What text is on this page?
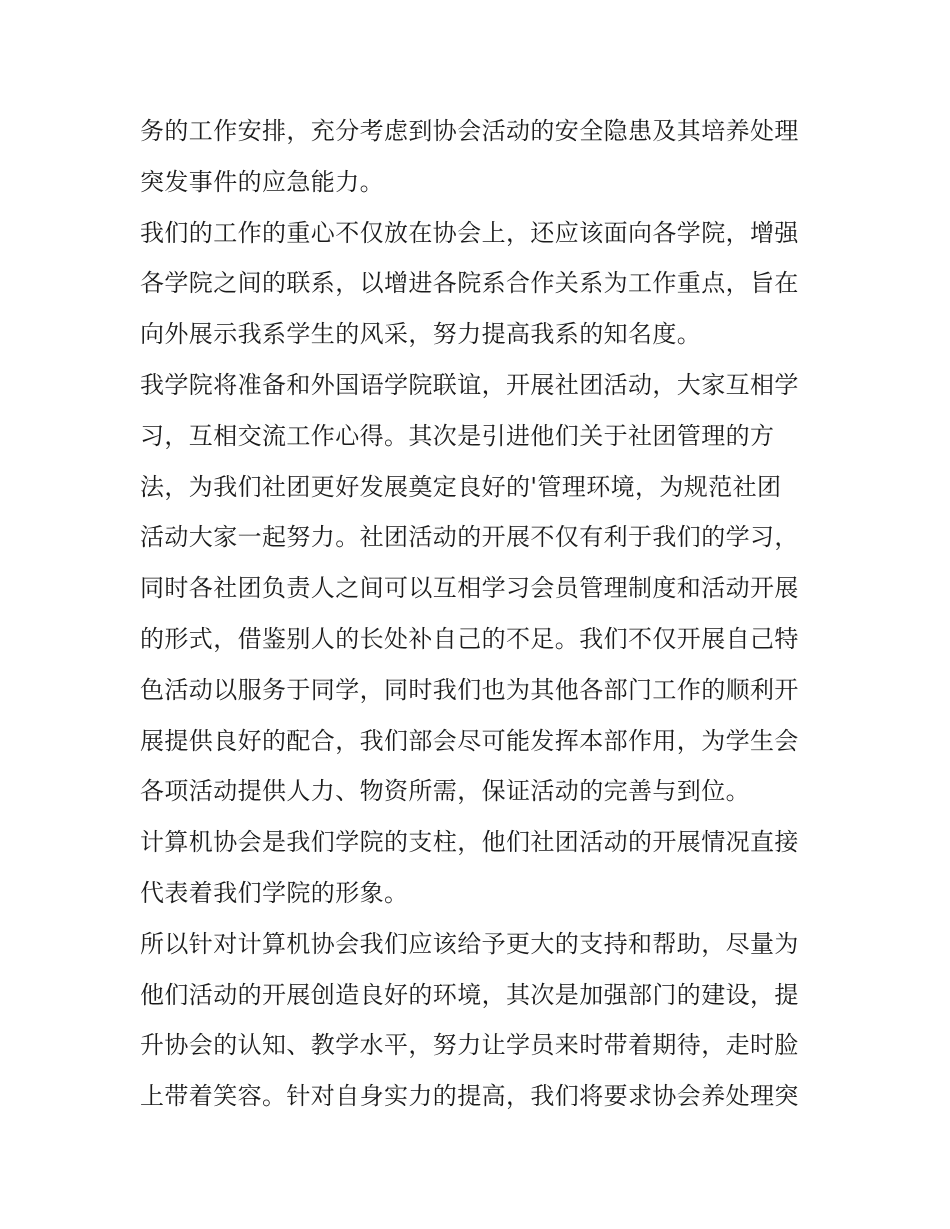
务的工作安排，充分考虑到协会活动的安全隐患及其培养处理
突发事件的应急能力。
我们的工作的重心不仅放在协会上，还应该面向各学院，增强
各学院之间的联系，以增进各院系合作关系为工作重点，旨在
向外展示我系学生的风采，努力提高我系的知名度。
我学院将准备和外国语学院联谊，开展社团活动，大家互相学
习，互相交流工作心得。其次是引进他们关于社团管理的方
法，为我们社团更好发展奠定良好的'管理环境，为规范社团
活动大家一起努力。社团活动的开展不仅有利于我们的学习，
同时各社团负责人之间可以互相学习会员管理制度和活动开展
的形式，借鉴别人的长处补自己的不足。我们不仅开展自己特
色活动以服务于同学，同时我们也为其他各部门工作的顺利开
展提供良好的配合，我们部会尽可能发挥本部作用，为学生会
各项活动提供人力、物资所需，保证活动的完善与到位。
计算机协会是我们学院的支柱，他们社团活动的开展情况直接
代表着我们学院的形象。
所以针对计算机协会我们应该给予更大的支持和帮助，尽量为
他们活动的开展创造良好的环境，其次是加强部门的建设，提
升协会的认知、教学水平，努力让学员来时带着期待，走时脸
上带着笑容。针对自身实力的提高，我们将要求协会养处理突
